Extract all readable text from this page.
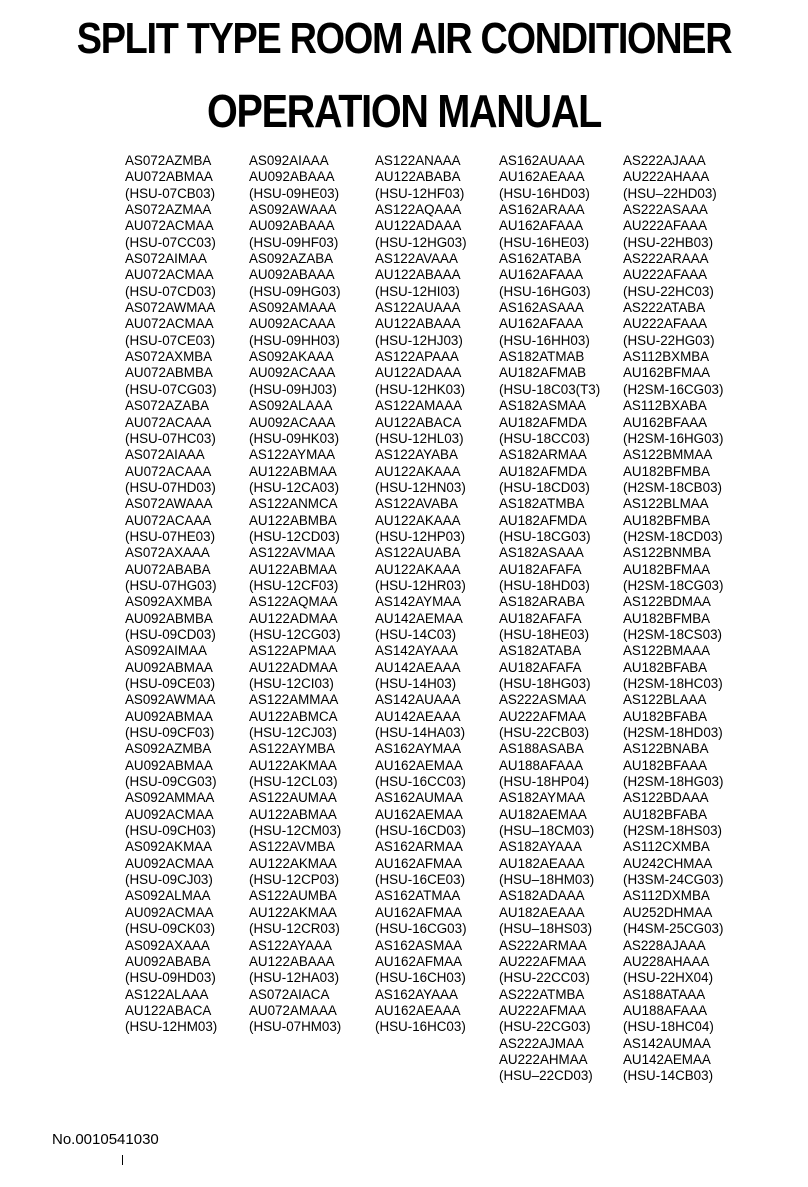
SPLIT TYPE ROOM AIR CONDITIONER
OPERATION MANUAL
AS072AZMBA
AU072ABMAA
(HSU-07CB03)
AS072AZMAA
AU072ACMAA
(HSU-07CC03)
AS072AIMAA
AU072ACMAA
(HSU-07CD03)
AS072AWMAA
AU072ACMAA
(HSU-07CE03)
AS072AXMBA
AU072ABMBA
(HSU-07CG03)
AS072AZABA
AU072ACAAA
(HSU-07HC03)
AS072AIAAA
AU072ACAAA
(HSU-07HD03)
AS072AWAAA
AU072ACAAA
(HSU-07HE03)
AS072AXAAA
AU072ABABA
(HSU-07HG03)
AS092AXMBA
AU092ABMBA
(HSU-09CD03)
AS092AIMAA
AU092ABMAA
(HSU-09CE03)
AS092AWMAA
AU092ABMAA
(HSU-09CF03)
AS092AZMBA
AU092ABMAA
(HSU-09CG03)
AS092AMMAA
AU092ACMAA
(HSU-09CH03)
AS092AKMAA
AU092ACMAA
(HSU-09CJ03)
AS092ALMAA
AU092ACMAA
(HSU-09CK03)
AS092AXAAA
AU092ABABA
(HSU-09HD03)
AS122ALAAA
AU122ABACA
(HSU-12HM03)
AS092AIAAA
AU092ABAAA
(HSU-09HE03)
AS092AWAAA
AU092ABAAA
(HSU-09HF03)
AS092AZABA
AU092ABAAA
(HSU-09HG03)
AS092AMAAA
AU092ACAAA
(HSU-09HH03)
AS092AKAAA
AU092ACAAA
(HSU-09HJ03)
AS092ALAAA
AU092ACAAA
(HSU-09HK03)
AS122AYMAA
AU122ABMAA
(HSU-12CA03)
AS122ANMCA
AU122ABMBA
(HSU-12CD03)
AS122AVMAA
AU122ABMAA
(HSU-12CF03)
AS122AQMAA
AU122ADMAA
(HSU-12CG03)
AS122APMAA
AU122ADMAA
(HSU-12CI03)
AS122AMMAA
AU122ABMCA
(HSU-12CJ03)
AS122AYMBA
AU122AKMAA
(HSU-12CL03)
AS122AUMAA
AU122ABMAA
(HSU-12CM03)
AS122AVMBA
AU122AKMAA
(HSU-12CP03)
AS122AUMBA
AU122AKMAA
(HSU-12CR03)
AS122AYAAA
AU122ABAAA
(HSU-12HA03)
AS072AIACA
AU072AMAAA
(HSU-07HM03)
AS122ANAAA
AU122ABABA
(HSU-12HF03)
AS122AQAAA
AU122ADAAA
(HSU-12HG03)
AS122AVAAA
AU122ABAAA
(HSU-12HI03)
AS122AUAAA
AU122ABAAA
(HSU-12HJ03)
AS122APAAA
AU122ADAAA
(HSU-12HK03)
AS122AMAAA
AU122ABACA
(HSU-12HL03)
AS122AYABA
AU122AKAAA
(HSU-12HN03)
AS122AVABA
AU122AKAAA
(HSU-12HP03)
AS122AUABA
AU122AKAAA
(HSU-12HR03)
AS142AYMAA
AU142AEMAA
(HSU-14C03)
AS142AYAAA
AU142AEAAA
(HSU-14H03)
AS142AUAAA
AU142AEAAA
(HSU-14HA03)
AS162AYMAA
AU162AEMAA
(HSU-16CC03)
AS162AUMAA
AU162AEMAA
(HSU-16CD03)
AS162ARMAA
AU162AFMAA
(HSU-16CE03)
AS162ATMAA
AU162AFMAA
(HSU-16CG03)
AS162ASMAA
AU162AFMAA
(HSU-16CH03)
AS162AYAAA
AU162AEAAA
(HSU-16HC03)
AS162AUAAA
AU162AEAAA
(HSU-16HD03)
AS162ARAAA
AU162AFAAA
(HSU-16HE03)
AS162ATABA
AU162AFAAA
(HSU-16HG03)
AS162ASAAA
AU162AFAAA
(HSU-16HH03)
AS182ATMAB
AU182AFMAB
(HSU-18C03(T3)
AS182ASMAA
AU182AFMDA
(HSU-18CC03)
AS182ARMAA
AU182AFMDA
(HSU-18CD03)
AS182ATMBA
AU182AFMDA
(HSU-18CG03)
AS182ASAAA
AU182AFAFA
(HSU-18HD03)
AS182ARABA
AU182AFAFA
(HSU-18HE03)
AS182ATABA
AU182AFAFA
(HSU-18HG03)
AS222ASMAA
AU222AFMAA
(HSU-22CB03)
AS188ASABA
AU188AFAAA
(HSU-18HP04)
AS182AYMAA
AU182AEMAA
(HSU–18CM03)
AS182AYAAA
AU182AEAAA
(HSU–18HM03)
AS182ADAAA
AU182AEAAA
(HSU–18HS03)
AS222ARMAA
AU222AFMAA
(HSU-22CC03)
AS222ATMBA
AU222AFMAA
(HSU-22CG03)
AS222AJMAA
AU222AHMAA
(HSU–22CD03)
AS222AJAAA
AU222AHAAA
(HSU–22HD03)
AS222ASAAA
AU222AFAAA
(HSU-22HB03)
AS222ARAAA
AU222AFAAA
(HSU-22HC03)
AS222ATABA
AU222AFAAA
(HSU-22HG03)
AS112BXMBA
AU162BFMAA
(H2SM-16CG03)
AS112BXABA
AU162BFAAA
(H2SM-16HG03)
AS122BMMAA
AU182BFMBA
(H2SM-18CB03)
AS122BLMAA
AU182BFMBA
(H2SM-18CD03)
AS122BNMBA
AU182BFMAA
(H2SM-18CG03)
AS122BDMAA
AU182BFMBA
(H2SM-18CS03)
AS122BMAAA
AU182BFABA
(H2SM-18HC03)
AS122BLAAA
AU182BFABA
(H2SM-18HD03)
AS122BNABA
AU182BFAAA
(H2SM-18HG03)
AS122BDAAA
AU182BFABA
(H2SM-18HS03)
AS112CXMBA
AU242CHMAA
(H3SM-24CG03)
AS112DXMBA
AU252DHMAA
(H4SM-25CG03)
AS228AJAAA
AU228AHAAA
(HSU-22HX04)
AS188ATAAA
AU188AFAAA
(HSU-18HC04)
AS142AUMAA
AU142AEMAA
(HSU-14CB03)
No.0010541030
